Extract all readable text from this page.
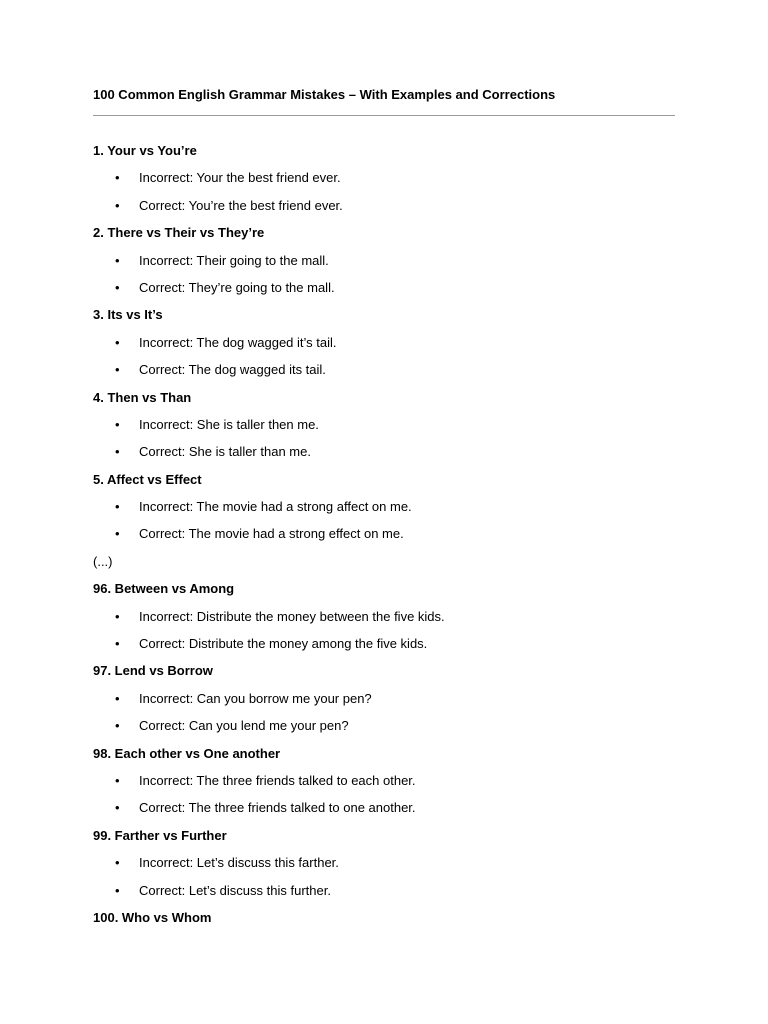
100 Common English Grammar Mistakes – With Examples and Corrections
1. Your vs You’re
• Incorrect: Your the best friend ever.
• Correct: You’re the best friend ever.
2. There vs Their vs They’re
• Incorrect: Their going to the mall.
• Correct: They’re going to the mall.
3. Its vs It’s
• Incorrect: The dog wagged it’s tail.
• Correct: The dog wagged its tail.
4. Then vs Than
• Incorrect: She is taller then me.
• Correct: She is taller than me.
5. Affect vs Effect
• Incorrect: The movie had a strong affect on me.
• Correct: The movie had a strong effect on me.
(...)
96. Between vs Among
• Incorrect: Distribute the money between the five kids.
• Correct: Distribute the money among the five kids.
97. Lend vs Borrow
• Incorrect: Can you borrow me your pen?
• Correct: Can you lend me your pen?
98. Each other vs One another
• Incorrect: The three friends talked to each other.
• Correct: The three friends talked to one another.
99. Farther vs Further
• Incorrect: Let’s discuss this farther.
• Correct: Let’s discuss this further.
100. Who vs Whom
